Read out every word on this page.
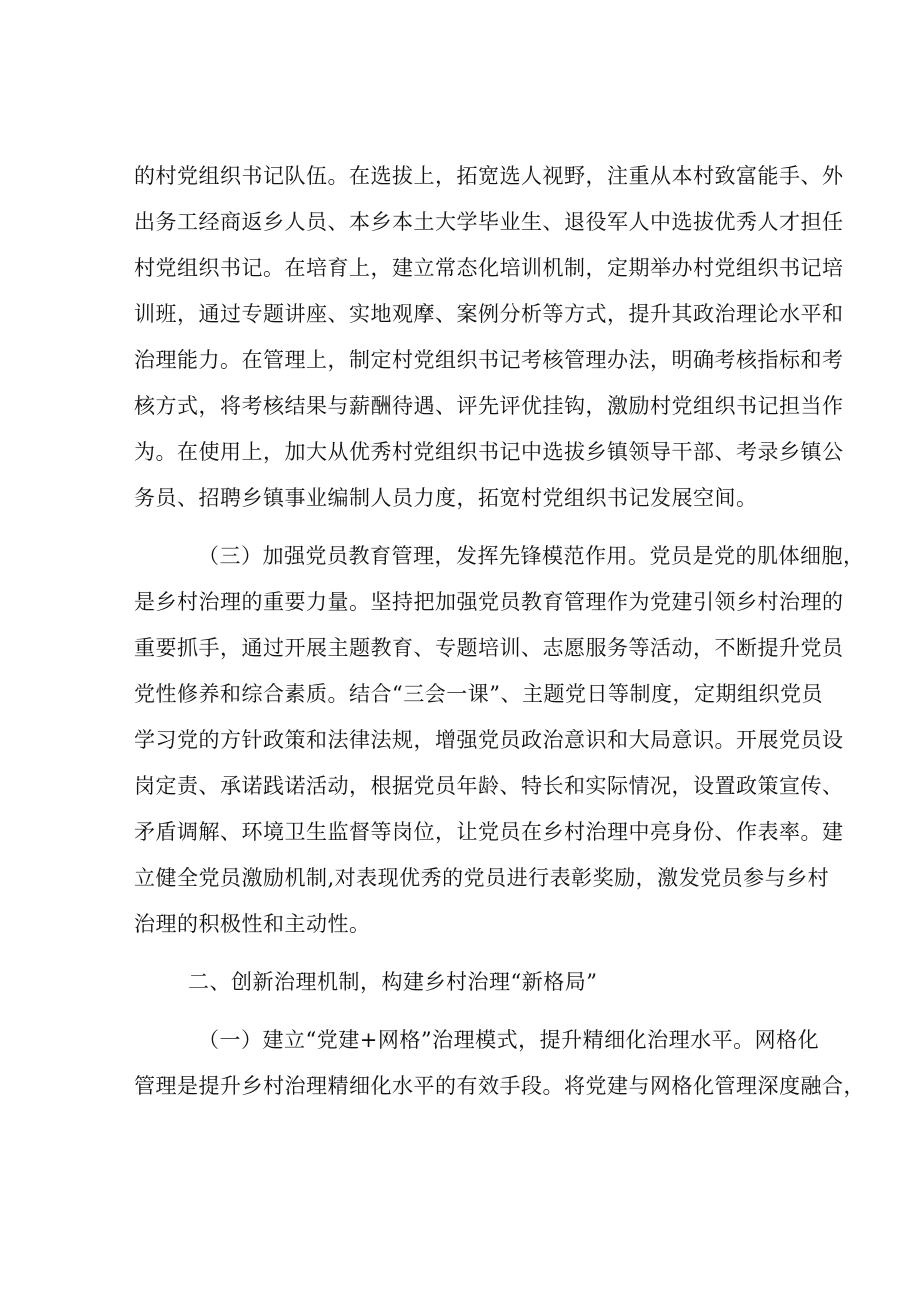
的村党组织书记队伍。在选拔上，拓宽选人视野，注重从本村致富能手、外
出务工经商返乡人员、本乡本土大学毕业生、退役军人中选拔优秀人才担任
村党组织书记。在培育上，建立常态化培训机制，定期举办村党组织书记培
训班，通过专题讲座、实地观摩、案例分析等方式，提升其政治理论水平和
治理能力。在管理上，制定村党组织书记考核管理办法，明确考核指标和考
核方式，将考核结果与薪酬待遇、评先评优挂钩，激励村党组织书记担当作
为。在使用上，加大从优秀村党组织书记中选拔乡镇领导干部、考录乡镇公
务员、招聘乡镇事业编制人员力度，拓宽村党组织书记发展空间。
（三）加强党员教育管理，发挥先锋模范作用。党员是党的肌体细胞，
是乡村治理的重要力量。坚持把加强党员教育管理作为党建引领乡村治理的
重要抓手，通过开展主题教育、专题培训、志愿服务等活动，不断提升党员
党性修养和综合素质。结合“三会一课”、主题党日等制度，定期组织党员
学习党的方针政策和法律法规，增强党员政治意识和大局意识。开展党员设
岗定责、承诺践诺活动，根据党员年龄、特长和实际情况，设置政策宣传、
矛盾调解、环境卫生监督等岗位，让党员在乡村治理中亮身份、作表率。建
立健全党员激励机制,对表现优秀的党员进行表彰奖励，激发党员参与乡村
治理的积极性和主动性。
二、创新治理机制，构建乡村治理“新格局”
（一）建立“党建+网格”治理模式，提升精细化治理水平。网格化
管理是提升乡村治理精细化水平的有效手段。将党建与网格化管理深度融合，
